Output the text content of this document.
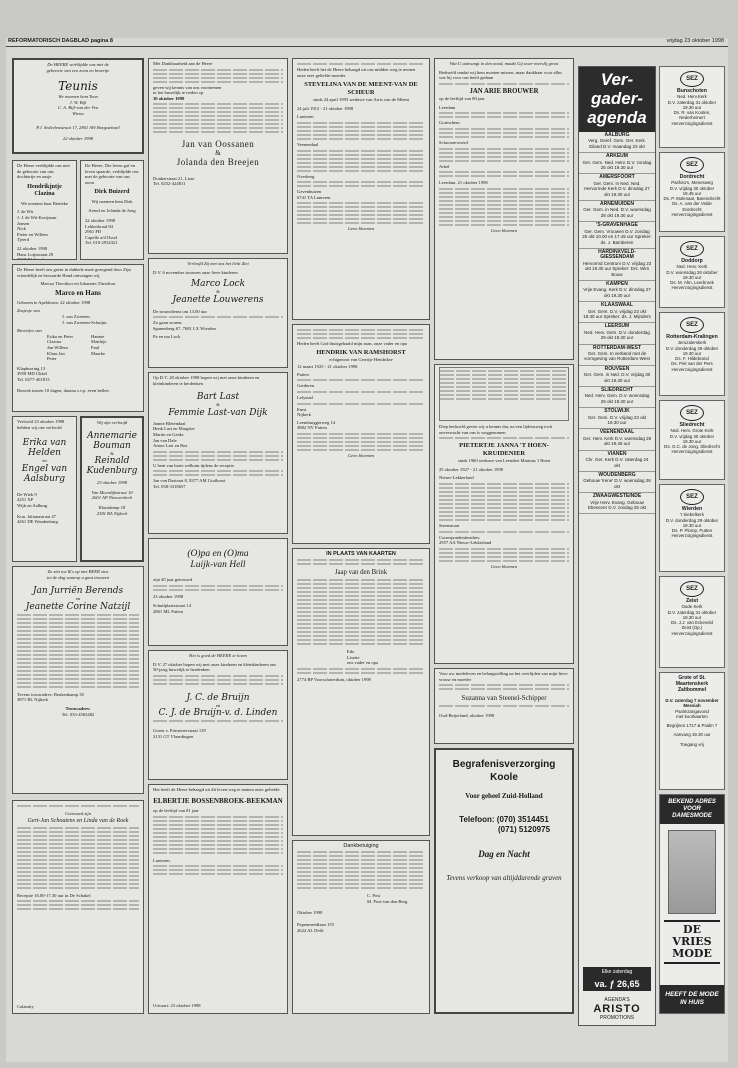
REFORMATORISCH DAGBLAD pagina 8	vrijdag 23 oktober 1998
De HEERE verblijdde ons met de
geboorte van een zoon en broertje
Teunis
We noemen hem Teun
J. W. Bijl
C. A. Bijl-van der Ven
Wiena
P.J. Sedeelenstraat 17, 2801 AW Borgsteïnsel
22 oktober 1998
De Heere verblijdde ons met de geboorte van ons dochtertje en zusje
Hendrikjntje Clazina
We noemen haar Rieneke
J. de Wit
J. J. de Wit-Kortjman
Jansen
Nick
Pieter en Willem
Tjeerd
22 oktober 1998
Hans Lotjustraat 29
2867 BJ Gouda
De Heere, Die leven gaf en leven spaarde, verblijdde ons met de geboorte van ons zoon
Dirk Buizerd
Wij noemen hem Dirk
Arend en Jolanda de Jong
22 oktober 1998
Lekkerkraal 84
2961 PD
Capelle a/d IJssel
Tel. 010-2934321
De Heere heeft ons gezin in dubbele mate gezegend door Zijn vriendelijk en bewaarde Hand ontvangen wij
Marcus Theodoor en Johannes Theodoor
Marco en Hans
Geboren te Apeldoorn, 22 oktober 1998
Zusjesje van
J. van Zweeten
J. van Zweeten-Schuijm
Broertjes van
Erika en Peter
Clazina
Jan Willem
Klaas Jan
Peter
Hannie
Matthijs
Paul
Maarke
Klapburring 13
3958 MD Ukkel
Tel. 0477-401813
Bezoek tussen 10 dagen, daarna s.v.p. even bellen
Verloofd 23 oktober 1998 hebben wij ons verloofd
Erika van Helden
en
Engel van Aalsburg
De Wiek 9
4251 XP
Wijk en Aalburg
Kon. Julianastraat 47
4261 DE Wandenburg
Wij zijn verloofd
Annemarie Bouman
&
Reinald Kudenburg
23 oktober 1998
Van Moerdijkstraat 10
2601 AP Nieuwerkerk
Klaaskamp 18
2381 BA Nijkerk
Zo ziet uw Ik's op met BEER zien
tot de dag waarop u gaat trouwen
Jan Jurriën Berends
en
Jeanette Corine Natzijl
Tevens trouwadres: Beukenkamp 35
3871 RL Nijkerk
Trouwadres:
Tel. 033-4565482
Getrouwd zijn
Gert-Jan Schoutens en Linda van de Roek
Receptie 16.00-17.30 uur in De Schakel
Calamity
Met Dankbaarheid aan de Heere
geven wij kennis van ons voornemen
in het huwelijk te treden op
30 oktober 1998
Jan van Oossanen
&
Jolanda den Breejen
Donkerstraat 21, Lisse
Tel. 0252-424811
Verloofd Zij met ons het licht Ziet
D.V. 6 november trouwen onze lieve kinderen
Marco Lock
&
Jeanette Louwerens
De trouwdienst om 13.00 uur
Zo gaan wonen:
Spanenberg 67, 7681 LX Wierden
Pa en ma Lock
Op D.V. 28 oktober 1998 hopen wij met onze kinderen en kleinkinderen te herdenken
Bart Last
&
Femmie Last-van Dijk
Jannie Bleiendaal
Henk Last en Margriet
Martin en Gerda
Jan van Dale
Anton Last en Bea
U bent van harte welkom tijdens de receptie
Jan van Dastraat 8, 8377 AM Grafhorst
Tel. 038-3318657
(O)pa en (O)ma
Luijk-van Hell
zijn 40 jaar getrouwd
23 oktober 1998
Schuilplaatsstraat 14
2861 ML Putten
Het is goed de HEERE te loven
D.V. 27 oktober hopen wij met onze kinderen en kleinkinderen ons 50-jarig huwelijk te herdenken
J. C. de Bruijn
en
C. J. de Bruijn-v. d. Linden
Groen v. Prinstererstraat 139
3131 GT Vlaardingen
Het heeft de Heere behaagd uit dit leven weg te nemen onze geliefde
ELBERTJE BOSSENBROEK-BEEKMAN
op de leeftijd van 81 jaar
Lunteren,
Uitvaart: 23 oktober 1998
Heden heeft het de Heere behaagd uit ons midden weg te nemen onze zeer geliefde moeder
STEVELINA VAN DE MEENT-VAN DE SCHEUR
sinds 24 april 1993 weduwe van Arris van de Meent
24 juli 1912 - 21 oktober 1998
Lunteren
Veenendaal
Overberg
Gevenhuizen
6741 TA Lunteren
Geen bloemen
Heden heeft God thuisgehaald mijn man, onze vader en opa
HENDRIK VAN RAMSHORST
echtgenoot van Gerritje Hendrikse
12 maart 1925 - 21 oktober 1998
Putten
Garderen
Lelystad
Emst
Nijkerk
Leemburggerweg 14
3882 NV Putten
Geen bloemen
IN PLAATS VAN KAARTEN
Jaap van den Brink
Ede
Lisette
ons vader en opa
2774 BP Voorschoterduin, oktober 1998
Dankbetuiging
C. Post
M. Post-van den Berg
Oktober 1998
Papenmeedlaan 155
2624 AL Delft
Wat U aanvangt in den nood, maakt Gij uwer meeslij groot
Bedroefd omdat wij hem moeten missen, maar dankbaar voor alles wat hij voor ons heeft gedaan
JAN ARIE BROUWER
op de leeftijd van 80 jaar
Leerdam
Gorinchem
Schoonrewoerd
Arkel
Leerdam, 21 oktober 1998
Geen bloemen
Diep bedroefd geven wij u kennis dat, na een lijdensweg toch onverwacht van ons is weggenomen
PIETERTJE JANNA 'T HOEN-KRUIDENIER
sinds 1960 weduwe van Leendert Marinus 't Hoen
25 oktober 1927 - 21 oktober 1998
Nieuw-Lekkerland
Steenstraat
Correspondentieadres:
2957 AA Nieuw-Lekkerland
Geen bloemen
Voor uw medeleven en belangstelling na het overlijden van mijn lieve vrouw en moeder
Suzanna van Steenel-Schipper
Oud-Beijerland, oktober 1998
Begrafenisverzorging Koole
Voor geheel Zuid-Holland
Telefoon: (070) 3514451
(071) 5120975
Dag en Nacht
Tevens verkoop van altijddurende graven
Ver-gader-agenda
AALBURG
Verg. Geref. Gem. Ger. Kerk. Eiland D.V. maandag 23 okt
ARKEUM
Ger. Gem. Ned. Herv. D.V. zondag 25 okt 19.30 uur
AMERSFOORT
Ger. Gem. in Ned. Ned. Hervormde Kerk D.V. dinsdag 27 okt 19.30 uur
ARNEMUIDEN
Ger. Gem. in Ned. D.V. woensdag 28 okt 19.30 uur
'S-GRAVENHAGE
Ger. Gem. Vrouwen D.V. zondag 25 okt 10.00 en 17.45 uur Spreker: ds. J. Bamberen
HARDINXVELD-GIESSENDAM
Hervormd Centrum D.V. vrijdag 23 okt 19.30 uur Spreker: Drs. Wim Bouw
KAMPEN
Vrije Evang. Kerk D.V. dinsdag 27 okt 19.30 uur
KLAASWAAL
Ger. Gem. D.V. vrijdag 23 okt 19.30 uur Spreker: ds. J. Mijnders
LEERSUM
Ned. Herv. Gem. D.V. donderdag 29 okt 19.30 uur
ROTTERDAM-WEST
Ger. Gem. In verband met de vormgeving van Rotterdam-West
ROUVEEN
Ger. Gem. in Ned. D.V. vrijdag 30 okt 19.30 uur
SLIEDRECHT
Ned. Herv. Gem. D.V. woensdag 28 okt 19.30 uur
STOLWIJK
Ger. Gem. D.V. vrijdag 23 okt 19.30 uur
VEENENDAAL
Ger. Herv. Kerk D.V. woensdag 28 okt 19.45 uur
VIANEN
Chr. Ger. Kerk D.V. zaterdag 24 okt
WOUDENBERG
Gebouw 'Irene' D.V. woensdag 28 okt
ZWAAGWESTEINDE
Vrije Herv. Evang. Gebouw Ebenezer D.V. zondag 25 okt
Elke zaterdag
va. ƒ 26,65
AGENDA'S
ARISTO
PROMOTIONS
SEZ
Bunschoten
Ned. Herv.Kerk
D.V. zaterdag 31 oktober
19.30 uur
Ds. R. van Kooten, Nederhemert
Herverzoigingsdienst
SEZ
Dordrecht
Pasfoto's, Menesweg
D.V. vrijdag 30 oktober
19.45 uur
Ds. P. Molenaar, Barendrecht
Ds. A. van der Velde
Dordrecht
Herverzoigingsdienst
SEZ
Doddorp
Ned. Herv. Kerk
D.V. woensdag 28 oktober
19.30 uur
Ds. M. Ahn, Leerbroek
Herverzoigingsdienst
SEZ
Rotterdam-Kralingen
Jeruzalemkerk
D.V. donderdag 29 oktober
19.30 uur
Ds. F. Hildebrand
Ds. Piet van der Pers
Herverzoigingsdienst
SEZ
Sliedrecht
Ned. Herv. Grote Kerk
D.V. vrijdag 30 oktober
19.30 uur
Ds. G.C. de Jong, Sliedrecht
Herverzoigingsdienst
SEZ
Wierden
't Siebelkerk
D.V. donderdag 29 oktober
19.30 uur
Ds. P. Plomp, Putten
Herverzoigingsdienst
SEZ
Zeist
Oude Kerk
D.V. zaterdag 31 oktober
19.30 uur
Ds. J.J. van Eckeveld
Zeist (Op.)
Herverzoigingsdienst
Grote of St. Maartenskerk Zaltbommel
D.V. zaterdag 7 november
Messiah
Psalmzangavond
met koorkaarten
Begrijnen 1717 & Psalm 7
Aanvang 19.30 uur
Toegang vrij
BEKEND ADRES VOOR DAMESMODE
DE VRIES MODE
HEEFT DE MODE IN HUIS
